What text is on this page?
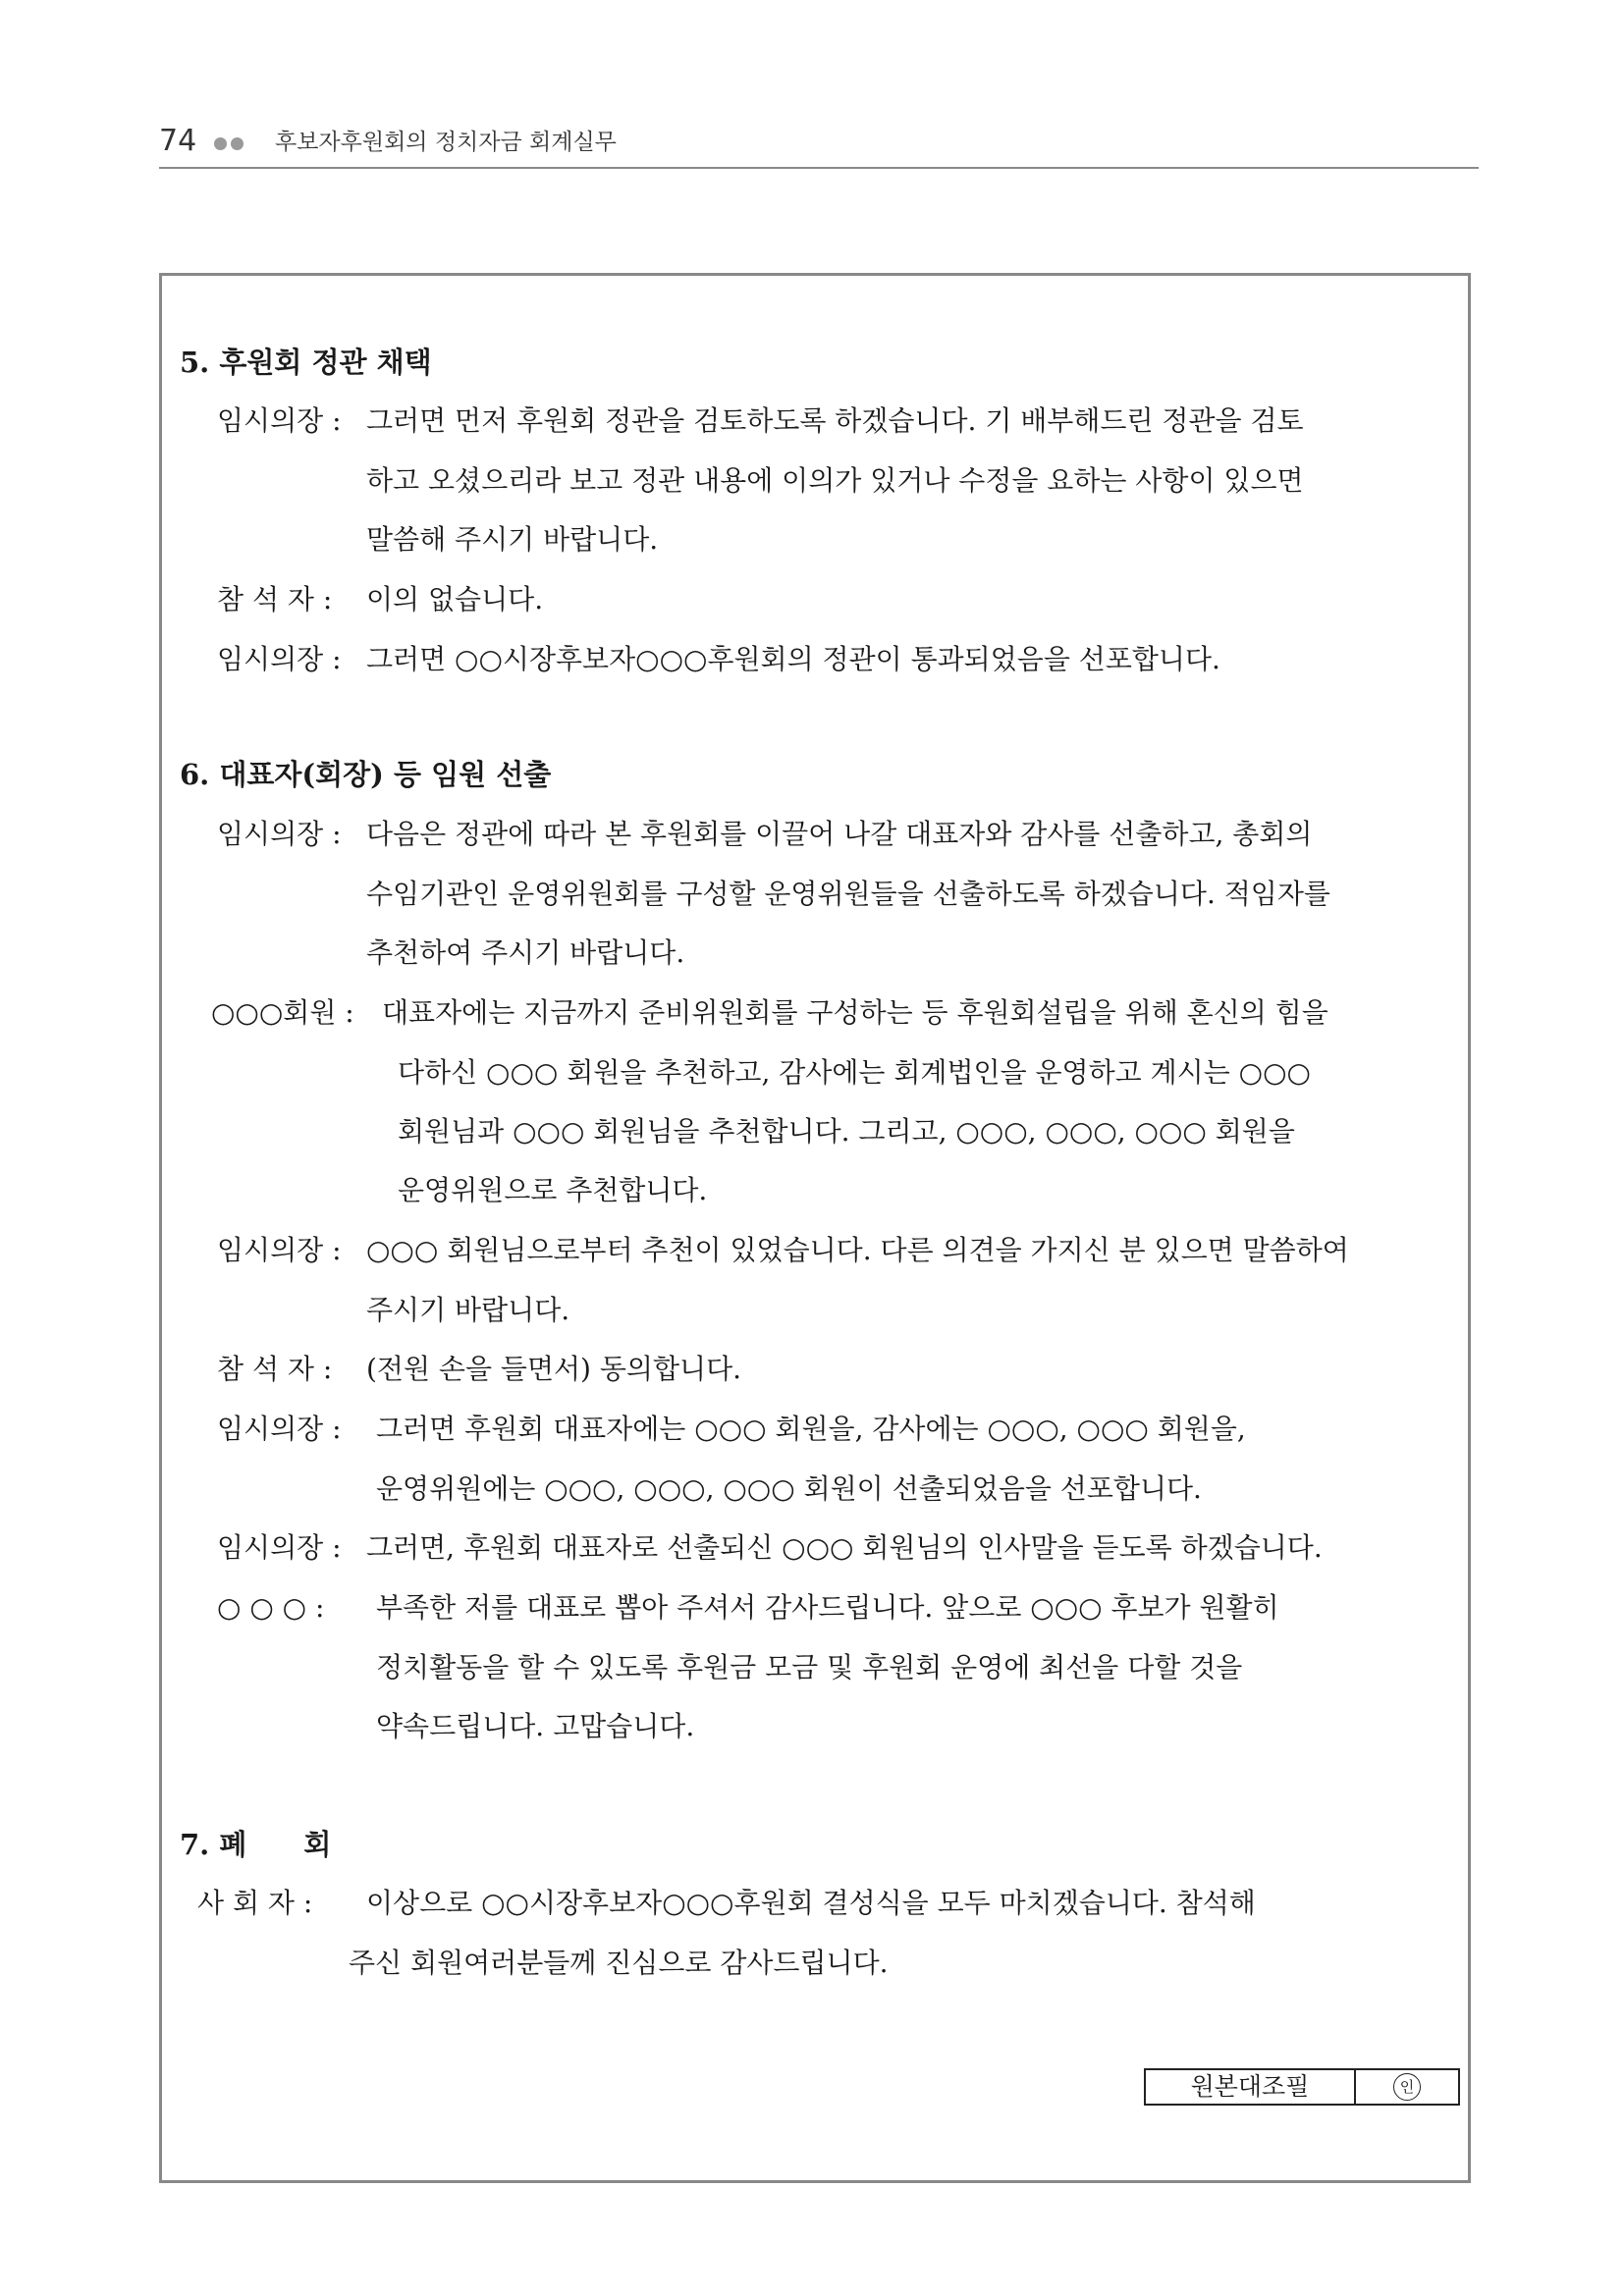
74	후보자후원회의 정치자금 회계실무
5. 후원회 정관 채택
임시의장 : 그러면 먼저 후원회 정관을 검토하도록 하겠습니다. 기 배부해드린 정관을 검토
하고 오셨으리라 보고 정관 내용에 이의가 있거나 수정을 요하는 사항이 있으면
말씀해 주시기 바랍니다.
참 석 자 : 이의 없습니다.
임시의장 : 그러면 ○○시장후보자○○○후원회의 정관이 통과되었음을 선포합니다.
6. 대표자(회장) 등 임원 선출
임시의장 : 다음은 정관에 따라 본 후원회를 이끌어 나갈 대표자와 감사를 선출하고, 총회의
수임기관인 운영위원회를 구성할 운영위원들을 선출하도록 하겠습니다. 적임자를
추천하여 주시기 바랍니다.
○○○회원 : 대표자에는 지금까지 준비위원회를 구성하는 등 후원회설립을 위해 혼신의 힘을
다하신 ○○○ 회원을 추천하고, 감사에는 회계법인을 운영하고 계시는 ○○○
회원님과 ○○○ 회원님을 추천합니다. 그리고, ○○○, ○○○, ○○○ 회원을
운영위원으로 추천합니다.
임시의장 : ○○○ 회원님으로부터 추천이 있었습니다. 다른 의견을 가지신 분 있으면 말씀하여
주시기 바랍니다.
참 석 자 : (전원 손을 들면서) 동의합니다.
임시의장 : 그러면 후원회 대표자에는 ○○○ 회원을, 감사에는 ○○○, ○○○ 회원을,
운영위원에는 ○○○, ○○○, ○○○ 회원이 선출되었음을 선포합니다.
임시의장 : 그러면, 후원회 대표자로 선출되신 ○○○ 회원님의 인사말을 듣도록 하겠습니다.
○ ○ ○ : 부족한 저를 대표로 뽑아 주셔서 감사드립니다. 앞으로 ○○○ 후보가 원활히
정치활동을 할 수 있도록 후원금 모금 및 후원회 운영에 최선을 다할 것을
약속드립니다. 고맙습니다.
7. 폐　　회
사 회 자 : 이상으로 ○○시장후보자○○○후원회 결성식을 모두 마치겠습니다. 참석해
주신 회원여러분들께 진심으로 감사드립니다.
원본대조필	인
